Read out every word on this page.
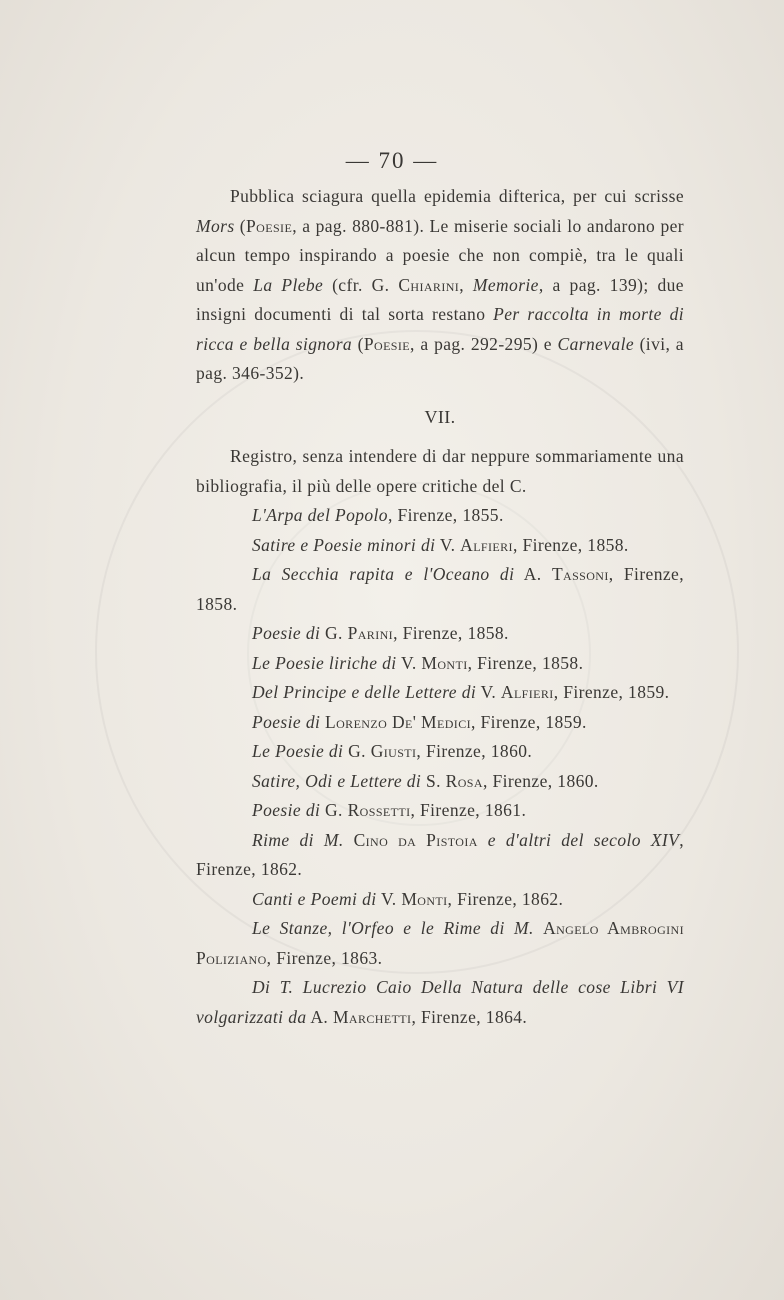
— 70 —

Pubblica sciagura quella epidemia difterica, per cui scrisse Mors (Poesie, a pag. 880-881). Le miserie sociali lo andarono per alcun tempo inspirando a poesie che non compiè, tra le quali un'ode La Plebe (cfr. G. Chiarini, Memorie, a pag. 139); due insigni documenti di tal sorta restano Per raccolta in morte di ricca e bella signora (Poesie, a pag. 292-295) e Carnevale (ivi, a pag. 346-352).

VII.

Registro, senza intendere di dar neppure sommariamente una bibliografia, il più delle opere critiche del C.

L'Arpa del Popolo, Firenze, 1855.

Satire e Poesie minori di V. Alfieri, Firenze, 1858.

La Secchia rapita e l'Oceano di A. Tassoni, Firenze, 1858.

Poesie di G. Parini, Firenze, 1858.

Le Poesie liriche di V. Monti, Firenze, 1858.

Del Principe e delle Lettere di V. Alfieri, Firenze, 1859.

Poesie di Lorenzo De' Medici, Firenze, 1859.

Le Poesie di G. Giusti, Firenze, 1860.

Satire, Odi e Lettere di S. Rosa, Firenze, 1860.

Poesie di G. Rossetti, Firenze, 1861.

Rime di M. Cino da Pistoia e d'altri del secolo XIV, Firenze, 1862.

Canti e Poemi di V. Monti, Firenze, 1862.

Le Stanze, l'Orfeo e le Rime di M. Angelo Ambrogini Poliziano, Firenze, 1863.

Di T. Lucrezio Caio Della Natura delle cose Libri VI volgarizzati da A. Marchetti, Firenze, 1864.
